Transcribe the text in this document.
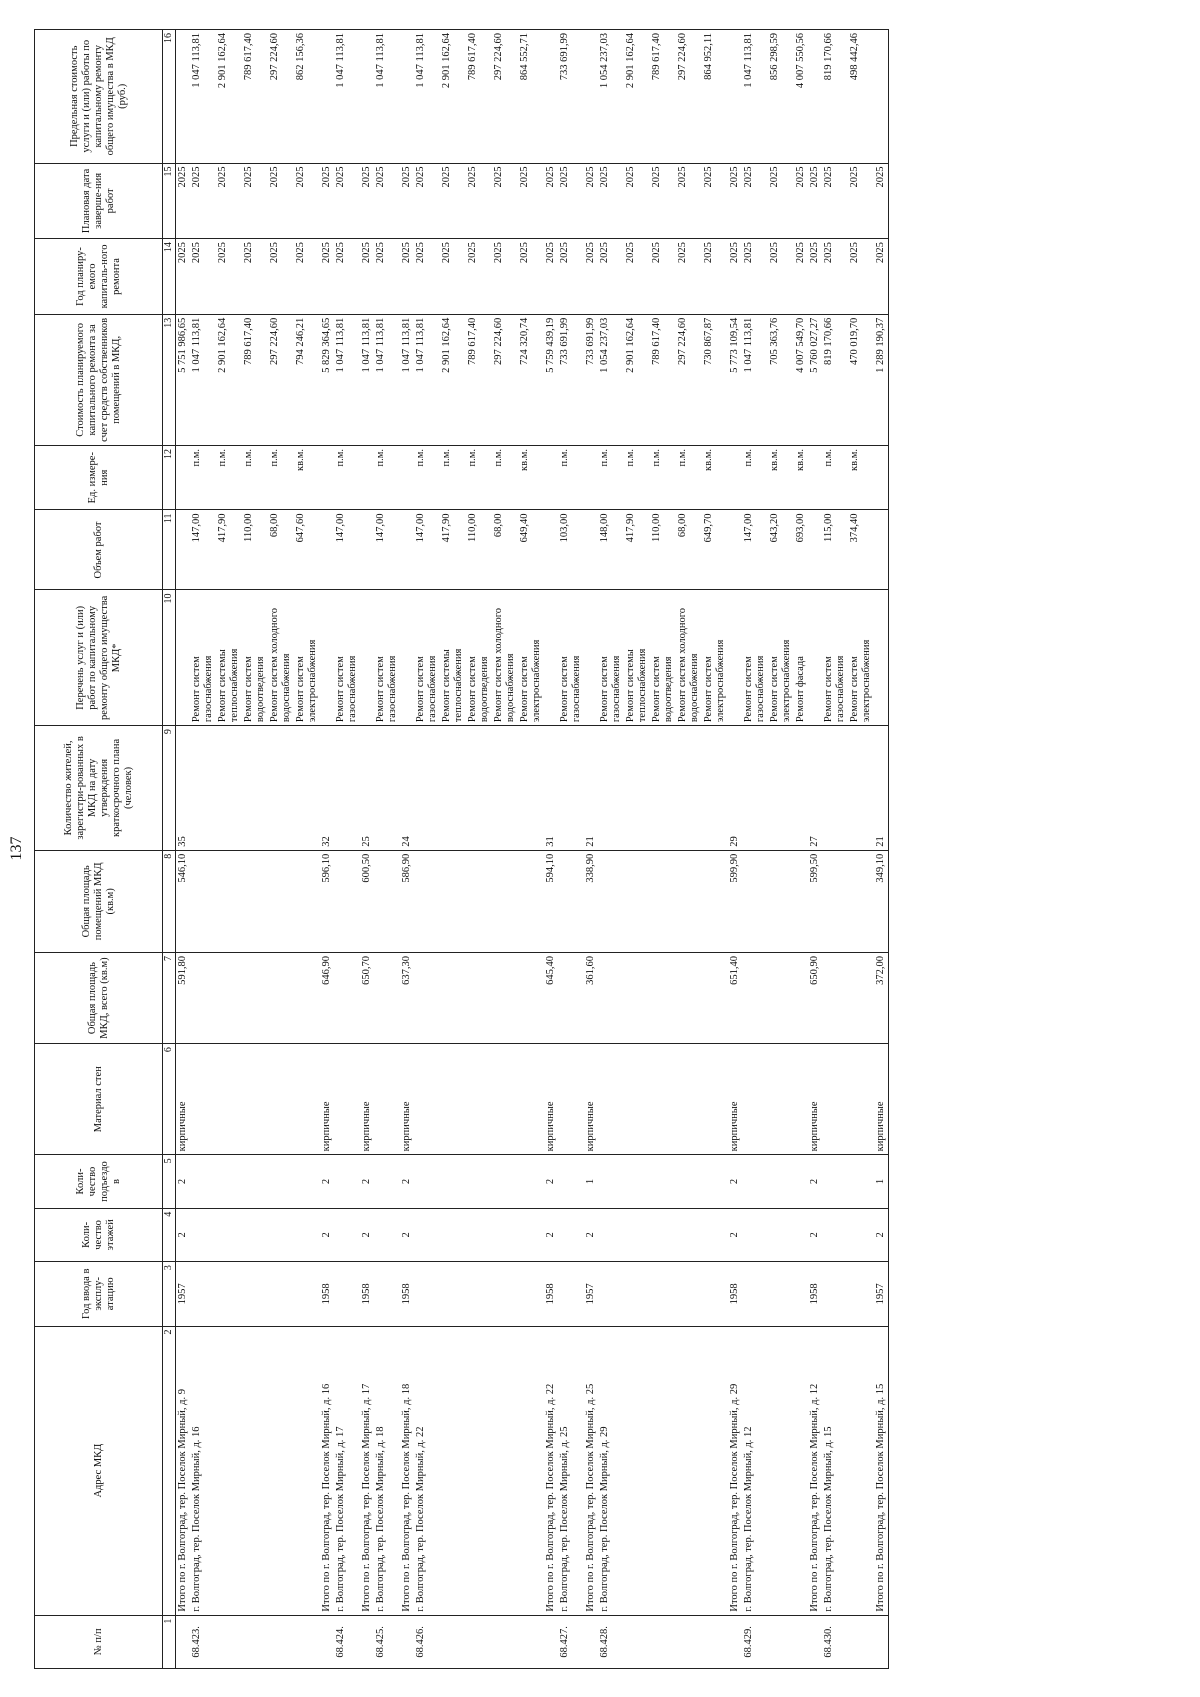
137
№ п/п	Адрес МКД	Год ввода в эксплу-атацию	Коли-чество этажей	Коли-чество подъездо в	Материал стен	Общая площадь МКД, всего (кв.м)	Общая площадь помещений МКД (кв.м)	Количество жителей, зарегистри-рованных в МКД на дату утверждения краткосрочного плана (человек)	Перечень услуг и (или) работ по капитальному ремонту общего имущества МКД*	Объем работ	Ед. измере-ния	Стоимость планируемого капитального ремонта за счет средств собственников помещений в МКД,	Год планиру-емого капиталь-ного ремонта	Плановая дата заверше-ния работ	Предельная стоимость услуги и (или) работы по капитальному ремонту общего имущества в МКД (руб.)
1	2	3	4	5	6	7	8	9	10	11	12	13	14	15	16
	Итого по г. Волгоград, тер. Поселок Мирный, д. 9	1957	2	2	кирпичные	591,80	546,10	35				5 751 986,65	2025	2025	
68.423.	г. Волгоград, тер. Поселок Мирный, д. 16								Ремонт систем газоснабжения	147,00	п.м.	1 047 113,81	2025	2025	1 047 113,81
									Ремонт системы теплоснабжения	417,90	п.м.	2 901 162,64	2025	2025	2 901 162,64
									Ремонт систем водоотведения	110,00	п.м.	789 617,40	2025	2025	789 617,40
									Ремонт систем холодного водоснабжения	68,00	п.м.	297 224,60	2025	2025	297 224,60
									Ремонт систем электроснабжения	647,60	кв.м.	794 246,21	2025	2025	862 156,36
	Итого по г. Волгоград, тер. Поселок Мирный, д. 16	1958	2	2	кирпичные	646,90	596,10	32				5 829 364,65	2025	2025	
68.424.	г. Волгоград, тер. Поселок Мирный, д. 17								Ремонт систем газоснабжения	147,00	п.м.	1 047 113,81	2025	2025	1 047 113,81
	Итого по г. Волгоград, тер. Поселок Мирный, д. 17	1958	2	2	кирпичные	650,70	600,50	25				1 047 113,81	2025	2025	
68.425.	г. Волгоград, тер. Поселок Мирный, д. 18								Ремонт систем газоснабжения	147,00	п.м.	1 047 113,81	2025	2025	1 047 113,81
	Итого по г. Волгоград, тер. Поселок Мирный, д. 18	1958	2	2	кирпичные	637,30	586,90	24				1 047 113,81	2025	2025	
68.426.	г. Волгоград, тер. Поселок Мирный, д. 22								Ремонт систем газоснабжения	147,00	п.м.	1 047 113,81	2025	2025	1 047 113,81
									Ремонт системы теплоснабжения	417,90	п.м.	2 901 162,64	2025	2025	2 901 162,64
									Ремонт систем водоотведения	110,00	п.м.	789 617,40	2025	2025	789 617,40
									Ремонт систем холодного водоснабжения	68,00	п.м.	297 224,60	2025	2025	297 224,60
									Ремонт систем электроснабжения	649,40	кв.м.	724 320,74	2025	2025	864 552,71
	Итого по г. Волгоград, тер. Поселок Мирный, д. 22	1958	2	2	кирпичные	645,40	594,10	31				5 759 439,19	2025	2025	
68.427.	г. Волгоград, тер. Поселок Мирный, д. 25								Ремонт систем газоснабжения	103,00	п.м.	733 691,99	2025	2025	733 691,99
	Итого по г. Волгоград, тер. Поселок Мирный, д. 25	1957	2	1	кирпичные	361,60	338,90	21				733 691,99	2025	2025	
68.428.	г. Волгоград, тер. Поселок Мирный, д. 29								Ремонт систем газоснабжения	148,00	п.м.	1 054 237,03	2025	2025	1 054 237,03
									Ремонт системы теплоснабжения	417,90	п.м.	2 901 162,64	2025	2025	2 901 162,64
									Ремонт систем водоотведения	110,00	п.м.	789 617,40	2025	2025	789 617,40
									Ремонт систем холодного водоснабжения	68,00	п.м.	297 224,60	2025	2025	297 224,60
									Ремонт систем электроснабжения	649,70	кв.м.	730 867,87	2025	2025	864 952,11
	Итого по г. Волгоград, тер. Поселок Мирный, д. 29	1958	2	2	кирпичные	651,40	599,90	29				5 773 109,54	2025	2025	
68.429.	г. Волгоград, тер. Поселок Мирный, д. 12								Ремонт систем газоснабжения	147,00	п.м.	1 047 113,81	2025	2025	1 047 113,81
									Ремонт систем электроснабжения	643,20	кв.м.	705 363,76	2025	2025	856 298,59
									Ремонт фасада	693,00	кв.м.	4 007 549,70	2025	2025	4 007 550,56
	Итого по г. Волгоград, тер. Поселок Мирный, д. 12	1958	2	2	кирпичные	650,90	599,50	27				5 760 027,27	2025	2025	
68.430.	г. Волгоград, тер. Поселок Мирный, д. 15								Ремонт систем газоснабжения	115,00	п.м.	819 170,66	2025	2025	819 170,66
									Ремонт систем электроснабжения	374,40	кв.м.	470 019,70	2025	2025	498 442,46
	Итого по г. Волгоград, тер. Поселок Мирный, д. 15	1957	2	1	кирпичные	372,00	349,10	21				1 289 190,37	2025	2025	
